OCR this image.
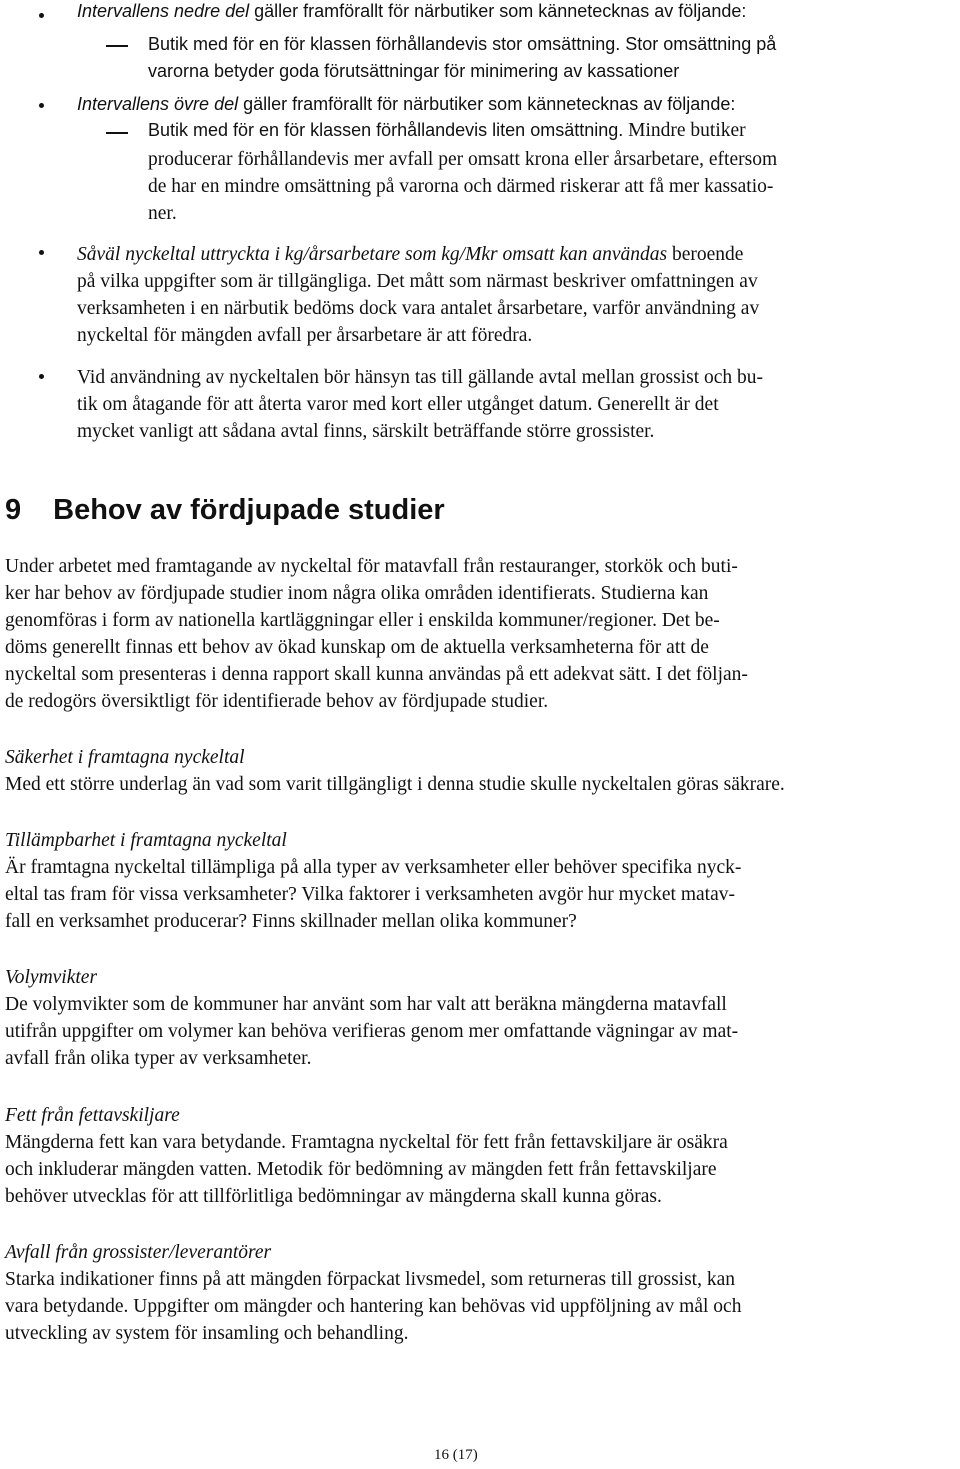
Intervallens nedre del gäller framförallt för närbutiker som kännetecknas av följande:
Butik med för en för klassen förhållandevis stor omsättning. Stor omsättning på
varorna betyder goda förutsättningar för minimering av kassationer
Intervallens övre del gäller framförallt för närbutiker som kännetecknas av följande:
Butik med för en för klassen förhållandevis liten omsättning. Mindre butiker
producerar förhållandevis mer avfall per omsatt krona eller årsarbetare, eftersom
de har en mindre omsättning på varorna och därmed riskerar att få mer kassatio-
ner.
Såväl nyckeltal uttryckta i kg/årsarbetare som kg/Mkr omsatt kan användas beroende
på vilka uppgifter som är tillgängliga. Det mått som närmast beskriver omfattningen av
verksamheten i en närbutik bedöms dock vara antalet årsarbetare, varför användning av
nyckeltal för mängden avfall per årsarbetare är att föredra.
Vid användning av nyckeltalen bör hänsyn tas till gällande avtal mellan grossist och bu-
tik om åtagande för att återta varor med kort eller utgånget datum. Generellt är det
mycket vanligt att sådana avtal finns, särskilt beträffande större grossister.
9 Behov av fördjupade studier
Under arbetet med framtagande av nyckeltal för matavfall från restauranger, storkök och buti-
ker har behov av fördjupade studier inom några olika områden identifierats. Studierna kan
genomföras i form av nationella kartläggningar eller i enskilda kommuner/regioner. Det be-
döms generellt finnas ett behov av ökad kunskap om de aktuella verksamheterna för att de
nyckeltal som presenteras i denna rapport skall kunna användas på ett adekvat sätt. I det följan-
de redogörs översiktligt för identifierade behov av fördjupade studier.
Säkerhet i framtagna nyckeltal
Med ett större underlag än vad som varit tillgängligt i denna studie skulle nyckeltalen göras säkrare.
Tillämpbarhet i framtagna nyckeltal
Är framtagna nyckeltal tillämpliga på alla typer av verksamheter eller behöver specifika nyck-
eltal tas fram för vissa verksamheter? Vilka faktorer i verksamheten avgör hur mycket matav-
fall en verksamhet producerar? Finns skillnader mellan olika kommuner?
Volymvikter
De volymvikter som de kommuner har använt som har valt att beräkna mängderna matavfall
utifrån uppgifter om volymer kan behöva verifieras genom mer omfattande vägningar av mat-
avfall från olika typer av verksamheter.
Fett från fettavskiljare
Mängderna fett kan vara betydande. Framtagna nyckeltal för fett från fettavskiljare är osäkra
och inkluderar mängden vatten. Metodik för bedömning av mängden fett från fettavskiljare
behöver utvecklas för att tillförlitliga bedömningar av mängderna skall kunna göras.
Avfall från grossister/leverantörer
Starka indikationer finns på att mängden förpackat livsmedel, som returneras till grossist, kan
vara betydande. Uppgifter om mängder och hantering kan behövas vid uppföljning av mål och
utveckling av system för insamling och behandling.
16 (17)
